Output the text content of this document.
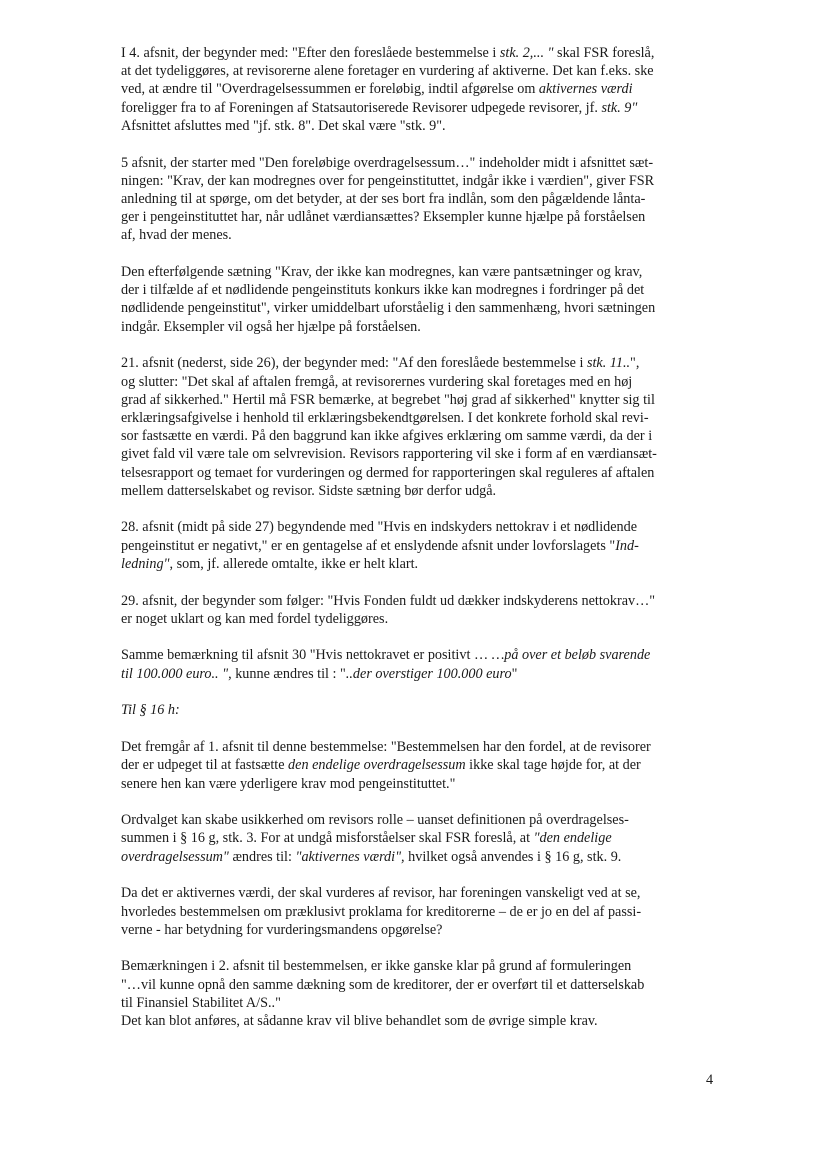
I 4. afsnit, der begynder med: "Efter den foreslåede bestemmelse i stk. 2,... " skal FSR foreslå,
at det tydeliggøres, at revisorerne alene foretager en vurdering af aktiverne. Det kan f.eks. ske
ved, at ændre til "Overdragelsessummen er foreløbig, indtil afgørelse om aktivernes værdi
foreligger fra to af Foreningen af Statsautoriserede Revisorer udpegede revisorer, jf. stk. 9"
Afsnittet afsluttes med "jf. stk. 8". Det skal være "stk. 9".
5 afsnit, der starter med "Den foreløbige overdragelsessum…" indeholder midt i afsnittet sæt-
ningen: "Krav, der kan modregnes over for pengeinstituttet, indgår ikke i værdien", giver FSR
anledning til at spørge, om det betyder, at der ses bort fra indlån, som den pågældende lånta-
ger i pengeinstituttet har, når udlånet værdiansættes? Eksempler kunne hjælpe på forståelsen
af, hvad der menes.
Den efterfølgende sætning "Krav, der ikke kan modregnes, kan være pantsætninger og krav,
der i tilfælde af et nødlidende pengeinstituts konkurs ikke kan modregnes i fordringer på det
nødlidende pengeinstitut", virker umiddelbart uforståelig i den sammenhæng, hvori sætningen
indgår. Eksempler vil også her hjælpe på forståelsen.
21. afsnit (nederst, side 26), der begynder med: "Af den foreslåede bestemmelse i stk. 11..",
og slutter: "Det skal af aftalen fremgå, at revisorernes vurdering skal foretages med en høj
grad af sikkerhed." Hertil må FSR bemærke, at begrebet "høj grad af sikkerhed" knytter sig til
erklæringsafgivelse i henhold til erklæringsbekendtgørelsen. I det konkrete forhold skal revi-
sor fastsætte en værdi. På den baggrund kan ikke afgives erklæring om samme værdi, da der i
givet fald vil være tale om selvrevision. Revisors rapportering vil ske i form af en værdiansæt-
telsesrapport og temaet for vurderingen og dermed for rapporteringen skal reguleres af aftalen
mellem datterselskabet og revisor. Sidste sætning bør derfor udgå.
28. afsnit (midt på side 27) begyndende med "Hvis en indskyders nettokrav i et nødlidende
pengeinstitut er negativt," er en gentagelse af et enslydende afsnit under lovforslagets "Ind-
ledning", som, jf. allerede omtalte, ikke er helt klart.
29. afsnit, der begynder som følger: "Hvis Fonden fuldt ud dækker indskyderens nettokrav…"
er noget uklart og kan med fordel tydeliggøres.
Samme bemærkning til afsnit 30 "Hvis nettokravet er positivt … …på over et beløb svarende
til 100.000 euro.. ", kunne ændres til : "..der overstiger 100.000 euro"
Til § 16 h:
Det fremgår af 1. afsnit til denne bestemmelse: "Bestemmelsen har den fordel, at de revisorer
der er udpeget til at fastsætte den endelige overdragelsessum ikke skal tage højde for, at der
senere hen kan være yderligere krav mod pengeinstituttet."
Ordvalget kan skabe usikkerhed om revisors rolle – uanset definitionen på overdragelses-
summen i § 16 g, stk. 3. For at undgå misforståelser skal FSR foreslå, at "den endelige
overdragelsessum" ændres til: "aktivernes værdi", hvilket også anvendes i § 16 g, stk. 9.
Da det er aktivernes værdi, der skal vurderes af revisor, har foreningen vanskeligt ved at se,
hvorledes bestemmelsen om præklusivt proklama for kreditorerne – de er jo en del af passi-
verne - har betydning for vurderingsmandens opgørelse?
Bemærkningen i 2. afsnit til bestemmelsen, er ikke ganske klar på grund af formuleringen
"…vil kunne opnå den samme dækning som de kreditorer, der er overført til et datterselskab
til Finansiel Stabilitet A/S.."
Det kan blot anføres, at sådanne krav vil blive behandlet som de øvrige simple krav.
4
